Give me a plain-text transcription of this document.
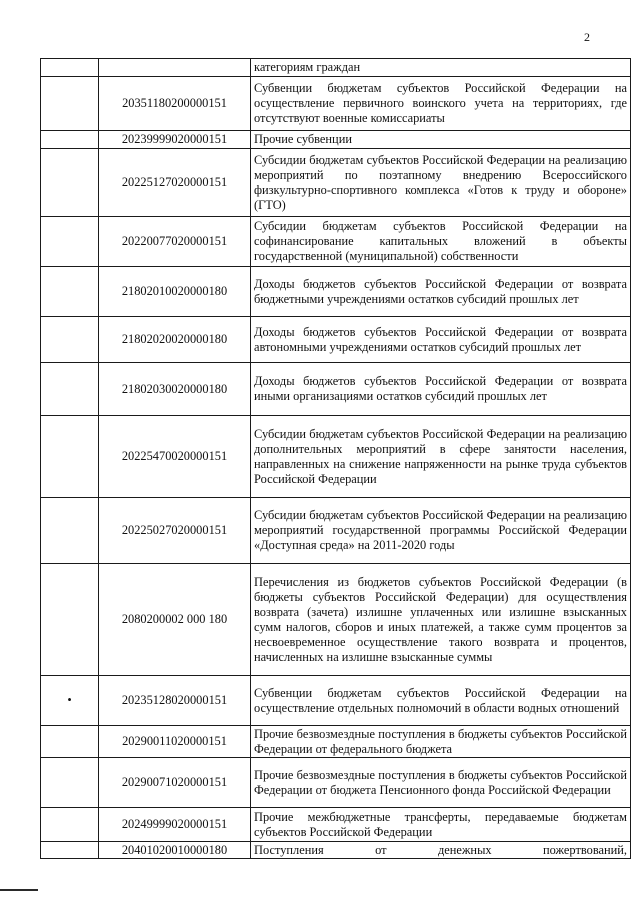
2
		категориям граждан
	20351180200000151	Субвенции бюджетам субъектов Российской Федерации на осуществление первичного воинского учета на территориях, где отсутствуют военные комиссариаты
	20239999020000151	Прочие субвенции
	20225127020000151	Субсидии бюджетам субъектов Российской Федерации на реализацию мероприятий по поэтапному внедрению Всероссийского физкультурно-спортивного комплекса «Готов к труду и обороне» (ГТО)
	20220077020000151	Субсидии бюджетам субъектов Российской Федерации на софинансирование капитальных вложений в объекты государственной (муниципальной) собственности
	21802010020000180	Доходы бюджетов субъектов Российской Федерации от возврата бюджетными учреждениями остатков субсидий прошлых лет
	21802020020000180	Доходы бюджетов субъектов Российской Федерации от возврата автономными учреждениями остатков субсидий прошлых лет
	21802030020000180	Доходы бюджетов субъектов Российской Федерации от возврата иными организациями остатков субсидий прошлых лет
	20225470020000151	Субсидии бюджетам субъектов Российской Федерации на реализацию дополнительных мероприятий в сфере занятости населения, направленных на снижение напряженности на рынке труда субъектов Российской Федерации
	20225027020000151	Субсидии бюджетам субъектов Российской Федерации на реализацию мероприятий государственной программы Российской Федерации «Доступная среда» на 2011-2020 годы
	2080200002 000 180	Перечисления из бюджетов субъектов Российской Федерации (в бюджеты субъектов Российской Федерации) для осуществления возврата (зачета) излишне уплаченных или излишне взысканных сумм налогов, сборов и иных платежей, а также сумм процентов за несвоевременное осуществление такого возврата и процентов, начисленных на излишне взысканные суммы
•	20235128020000151	Субвенции бюджетам субъектов Российской Федерации на осуществление отдельных полномочий в области водных отношений
	20290011020000151	Прочие безвозмездные поступления в бюджеты субъектов Российской Федерации от федерального бюджета
	20290071020000151	Прочие безвозмездные поступления в бюджеты субъектов Российской Федерации от бюджета Пенсионного фонда Российской Федерации
	20249999020000151	Прочие межбюджетные трансферты, передаваемые бюджетам субъектов Российской Федерации
	20401020010000180	Поступления от денежных пожертвований,
